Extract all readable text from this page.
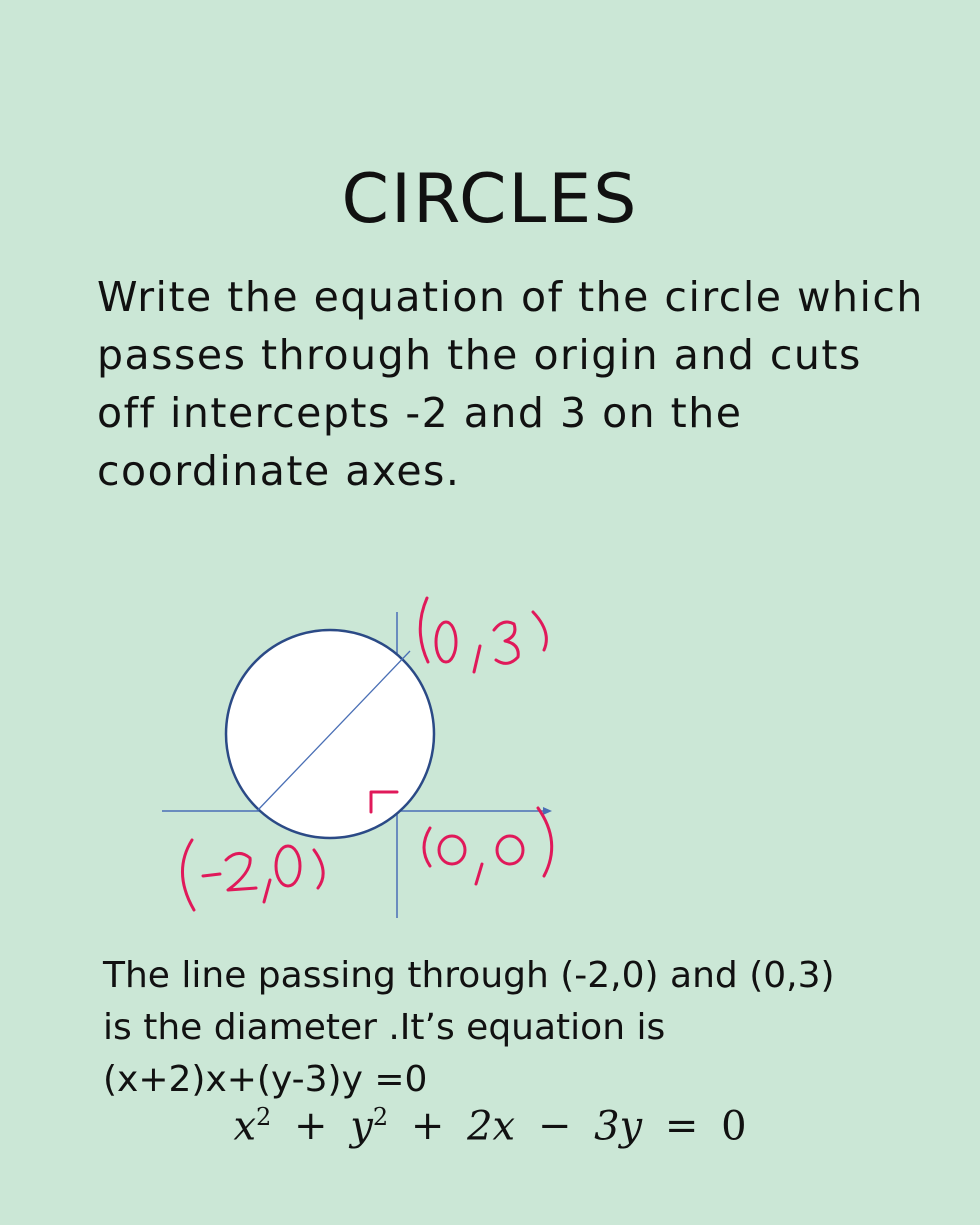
CIRCLES
Write the equation of the circle which
passes through the origin and cuts
off intercepts -2 and 3 on the
coordinate axes.
The line passing through (-2,0) and (0,3)
is the diameter .It’s equation is
(x+2)x+(y-3)y =0
$x^2 + y^2 + 2x - 3y = 0$
